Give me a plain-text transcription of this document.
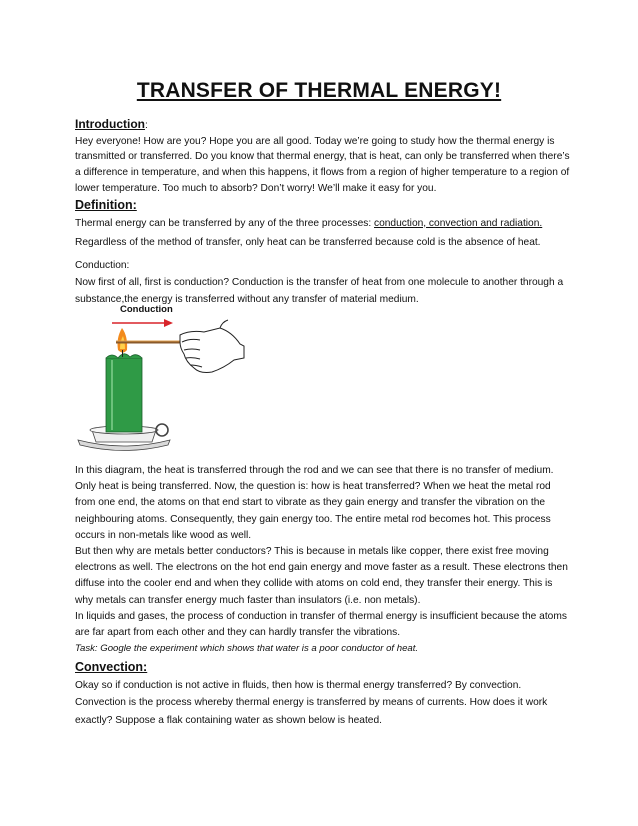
TRANSFER OF THERMAL ENERGY!
Introduction:
Hey everyone! How are you? Hope you are all good. Today we’re going to study how the thermal energy is transmitted or transferred. Do you know that thermal energy, that is heat, can only be transferred when there’s a difference in temperature, and when this happens, it flows from a region of higher temperature to a region of lower temperature. Too much to absorb? Don’t worry! We’ll make it easy for you.
Definition:
Thermal energy can be transferred by any of the three processes: conduction, convection and radiation. Regardless of the method of transfer, only heat can be transferred because cold is the absence of heat.
Conduction:
Now first of all, first is conduction? Conduction is the transfer of heat from one molecule to another through a substance,the energy is transferred without any transfer of material medium.
Conduction
In this diagram, the heat is transferred through the rod and we can see that there is no transfer of medium. Only heat is being transferred. Now, the question is: how is heat transferred? When we heat the metal rod from one end, the atoms on that end start to vibrate as they gain energy and transfer the vibration on the neighbouring atoms. Consequently, they gain energy too. The entire metal rod becomes hot. This process occurs in non-metals like wood as well.
But then why are metals better conductors? This is because in metals like copper, there exist free moving electrons as well. The electrons on the hot end gain energy and move faster as a result. These electrons then diffuse into the cooler end and when they collide with atoms on cold end, they transfer their energy. This is why metals can transfer energy much faster than insulators (i.e. non metals).
In liquids and gases, the process of conduction in transfer of thermal energy is insufficient because the atoms are far apart from each other and they can hardly transfer the vibrations.
Task: Google the experiment which shows that water is a poor conductor of heat.
Convection:
Okay so if conduction is not active in fluids, then how is thermal energy transferred? By convection. Convection is the process whereby thermal energy is transferred by means of currents. How does it work exactly? Suppose a flak containing water as shown below is heated.
